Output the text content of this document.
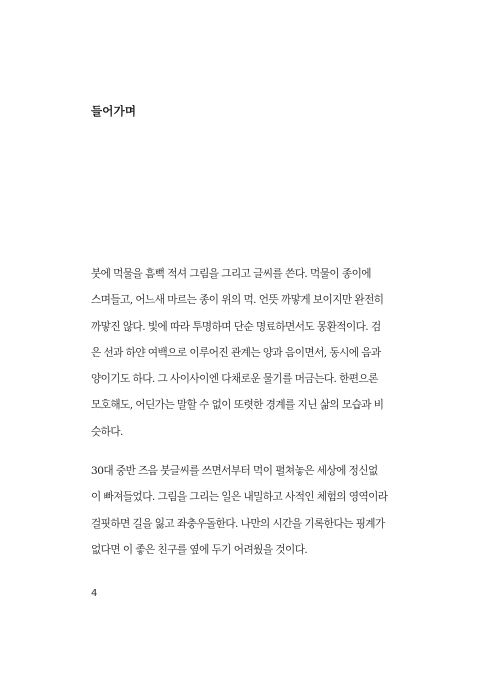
들어가며
붓에 먹물을 흠뻑 적셔 그림을 그리고 글씨를 쓴다. 먹물이 종이에
스며들고, 어느새 마르는 종이 위의 먹. 언뜻 까맣게 보이지만 완전히
까맣진 않다. 빛에 따라 투명하며 단순 명료하면서도 몽환적이다. 검
은 선과 하얀 여백으로 이루어진 관계는 양과 음이면서, 동시에 음과
양이기도 하다. 그 사이사이엔 다채로운 물기를 머금는다. 한편으론
모호해도, 어딘가는 말할 수 없이 또렷한 경계를 지닌 삶의 모습과 비
슷하다.
30대 중반 즈음 붓글씨를 쓰면서부터 먹이 펼쳐놓은 세상에 정신없
이 빠져들었다. 그림을 그리는 일은 내밀하고 사적인 체험의 영역이라
걸핏하면 길을 잃고 좌충우돌한다. 나만의 시간을 기록한다는 핑계가
없다면 이 좋은 친구를 옆에 두기 어려웠을 것이다.
4
